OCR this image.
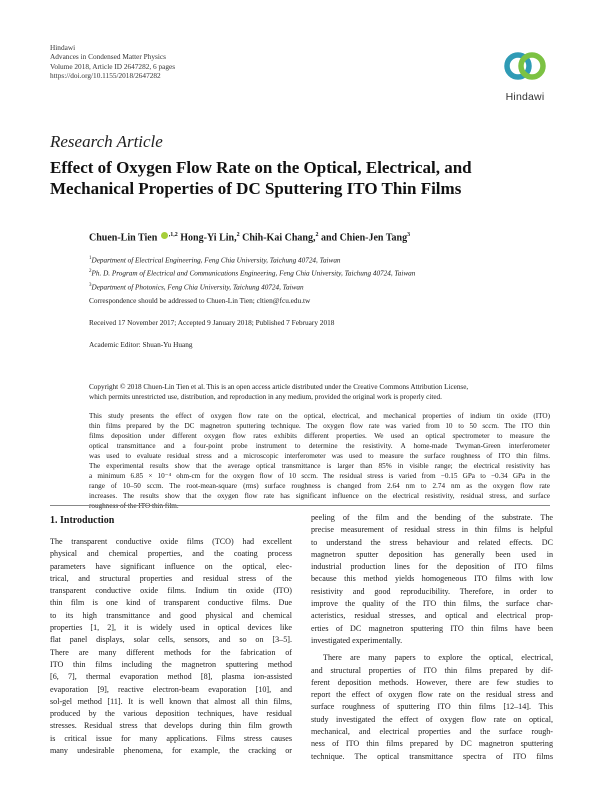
Hindawi
Advances in Condensed Matter Physics
Volume 2018, Article ID 2647282, 6 pages
https://doi.org/10.1155/2018/2647282
Hindawi
Research Article
Effect of Oxygen Flow Rate on the Optical, Electrical, and
Mechanical Properties of DC Sputtering ITO Thin Films
Chuen-Lin Tien $^{,1,2}$ Hong-Yi Lin,$^2$ Chih-Kai Chang,$^2$ and Chien-Jen Tang$^3$
$^1$Department of Electrical Engineering, Feng Chia University, Taichung 40724, Taiwan
$^2$Ph. D. Program of Electrical and Communications Engineering, Feng Chia University, Taichung 40724, Taiwan
$^3$Department of Photonics, Feng Chia University, Taichung 40724, Taiwan
Correspondence should be addressed to Chuen-Lin Tien; cltien@fcu.edu.tw
Received 17 November 2017; Accepted 9 January 2018; Published 7 February 2018
Academic Editor: Shuan-Yu Huang
Copyright © 2018 Chuen-Lin Tien et al. This is an open access article distributed under the Creative Commons Attribution License,
which permits unrestricted use, distribution, and reproduction in any medium, provided the original work is properly cited.
This study presents the effect of oxygen flow rate on the optical, electrical, and mechanical properties of indium tin oxide (ITO)
thin films prepared by the DC magnetron sputtering technique. The oxygen flow rate was varied from 10 to 50 sccm. The ITO thin
films deposition under different oxygen flow rates exhibits different properties. We used an optical spectrometer to measure the
optical transmittance and a four-point probe instrument to determine the resistivity. A home-made Twyman-Green interferometer
was used to evaluate residual stress and a microscopic interferometer was used to measure the surface roughness of ITO thin films.
The experimental results show that the average optical transmittance is larger than 85% in visible range; the electrical resistivity has
a minimum 6.85 × 10⁻⁴ ohm-cm for the oxygen flow of 10 sccm. The residual stress is varied from −0.15 GPa to −0.34 GPa in the
range of 10–50 sccm. The root-mean-square (rms) surface roughness is changed from 2.64 nm to 2.74 nm as the oxygen flow rate
increases. The results show that the oxygen flow rate has significant influence on the electrical resistivity, residual stress, and surface
roughness of the ITO thin film.
1. Introduction
The transparent conductive oxide films (TCO) had excellent
physical and chemical properties, and the coating process
parameters have significant influence on the optical, elec-
trical, and structural properties and residual stress of the
transparent conductive oxide films. Indium tin oxide (ITO)
thin film is one kind of transparent conductive films. Due
to its high transmittance and good physical and chemical
properties [1, 2], it is widely used in optical devices like
flat panel displays, solar cells, sensors, and so on [3–5].
There are many different methods for the fabrication of
ITO thin films including the magnetron sputtering method
[6, 7], thermal evaporation method [8], plasma ion-assisted
evaporation [9], reactive electron-beam evaporation [10], and
sol-gel method [11]. It is well known that almost all thin films,
produced by the various deposition techniques, have residual
stresses. Residual stress that develops during thin film growth
is critical issue for many applications. Films stress causes
many undesirable phenomena, for example, the cracking or
peeling of the film and the bending of the substrate. The
precise measurement of residual stress in thin films is helpful
to understand the stress behaviour and related effects. DC
magnetron sputter deposition has generally been used in
industrial production lines for the deposition of ITO films
because this method yields homogeneous ITO films with low
resistivity and good reproducibility. Therefore, in order to
improve the quality of the ITO thin films, the surface char-
acteristics, residual stresses, and optical and electrical prop-
erties of DC magnetron sputtering ITO thin films have been
investigated experimentally.
There are many papers to explore the optical, electrical,
and structural properties of ITO thin films prepared by dif-
ferent deposition methods. However, there are few studies to
report the effect of oxygen flow rate on the residual stress and
surface roughness of sputtering ITO thin films [12–14]. This
study investigated the effect of oxygen flow rate on optical,
mechanical, and electrical properties and the surface rough-
ness of ITO thin films prepared by DC magnetron sputtering
technique. The optical transmittance spectra of ITO films
